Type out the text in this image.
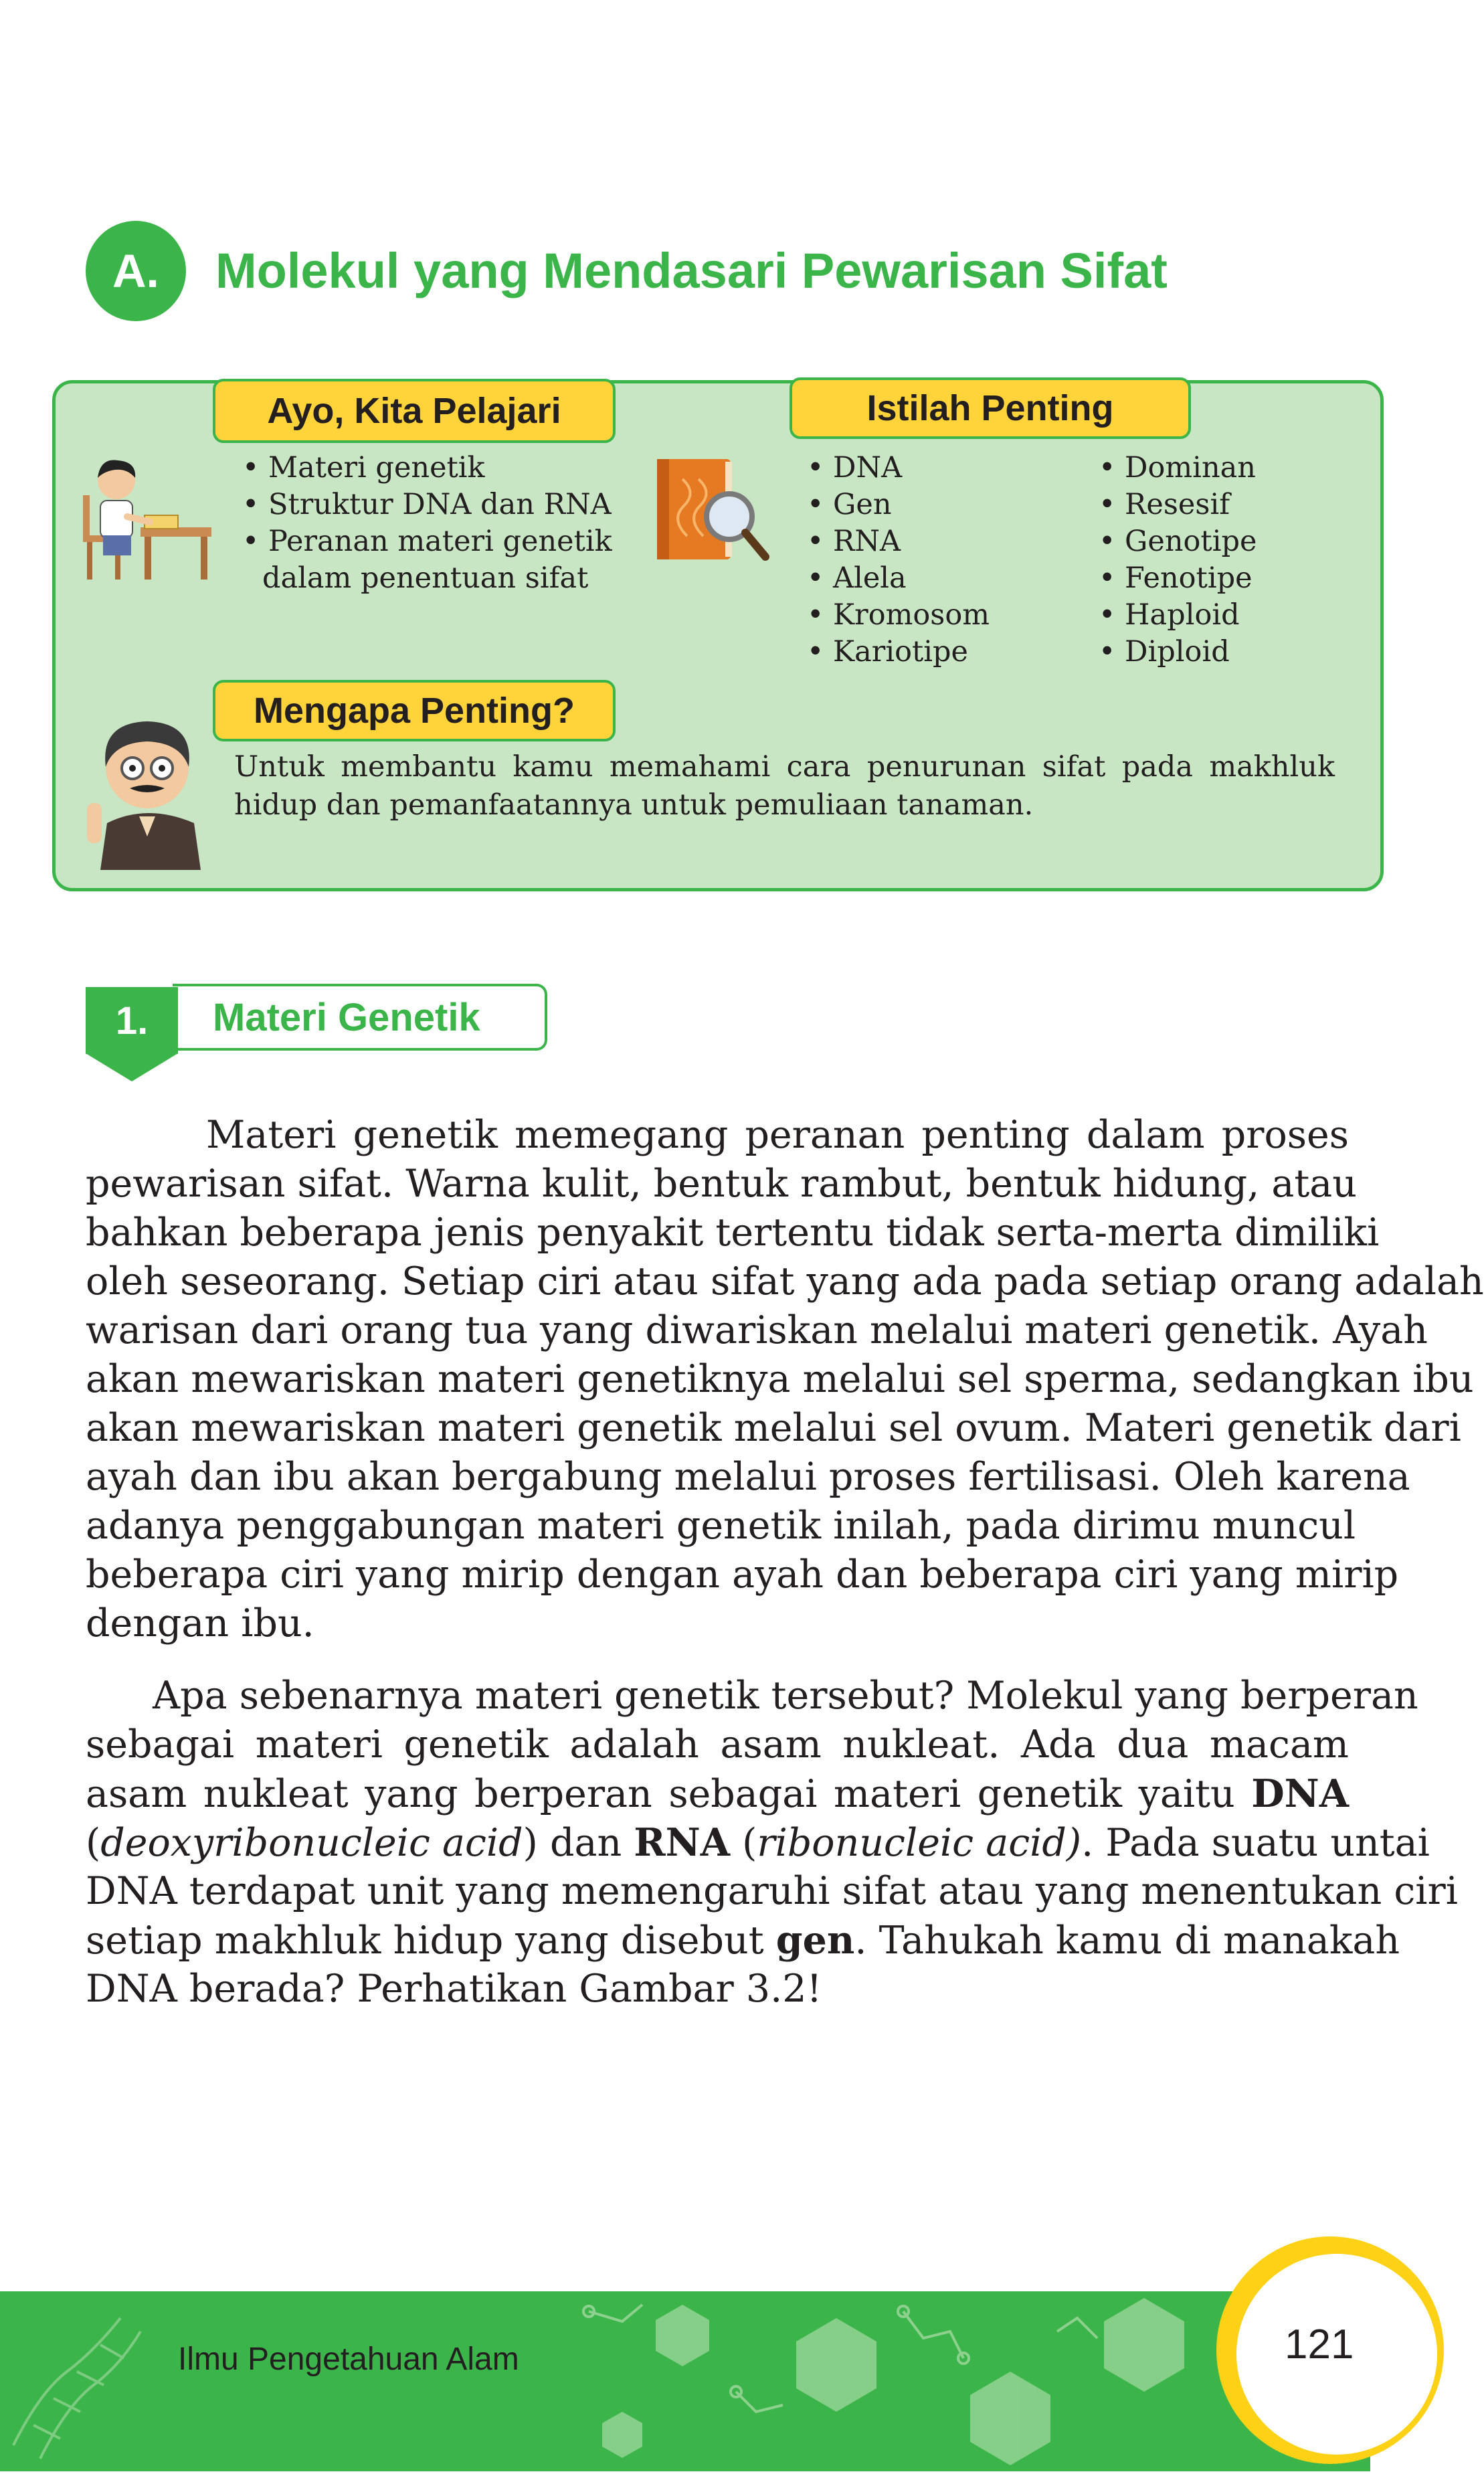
A.	Molekul yang Mendasari Pewarisan Sifat
Ayo, Kita Pelajari
• Materi genetik
• Struktur DNA dan RNA
• Peranan materi genetik
dalam penentuan sifat
Istilah Penting
• DNA
• Gen
• RNA
• Alela
• Kromosom
• Kariotipe
• Dominan
• Resesif
• Genotipe
• Fenotipe
• Haploid
• Diploid
Mengapa Penting?
Untuk membantu kamu memahami cara penurunan sifat pada makhluk hidup dan pemanfaatannya untuk pemuliaan tanaman.
1.	Materi Genetik
Materi genetik memegang peranan penting dalam proses
pewarisan sifat. Warna kulit, bentuk rambut, bentuk hidung, atau
bahkan beberapa jenis penyakit tertentu tidak serta-merta dimiliki
oleh seseorang. Setiap ciri atau sifat yang ada pada setiap orang adalah
warisan dari orang tua yang diwariskan melalui materi genetik. Ayah
akan mewariskan materi genetiknya melalui sel sperma, sedangkan ibu
akan mewariskan materi genetik melalui sel ovum. Materi genetik dari
ayah dan ibu akan bergabung melalui proses fertilisasi. Oleh karena
adanya penggabungan materi genetik inilah, pada dirimu muncul
beberapa ciri yang mirip dengan ayah dan beberapa ciri yang mirip
dengan ibu.
Apa sebenarnya materi genetik tersebut? Molekul yang berperan
sebagai materi genetik adalah asam nukleat. Ada dua macam
asam nukleat yang berperan sebagai materi genetik yaitu DNA
(deoxyribonucleic acid) dan RNA (ribonucleic acid). Pada suatu untai
DNA terdapat unit yang memengaruhi sifat atau yang menentukan ciri
setiap makhluk hidup yang disebut gen. Tahukah kamu di manakah
DNA berada? Perhatikan Gambar 3.2!
Ilmu Pengetahuan Alam	121
